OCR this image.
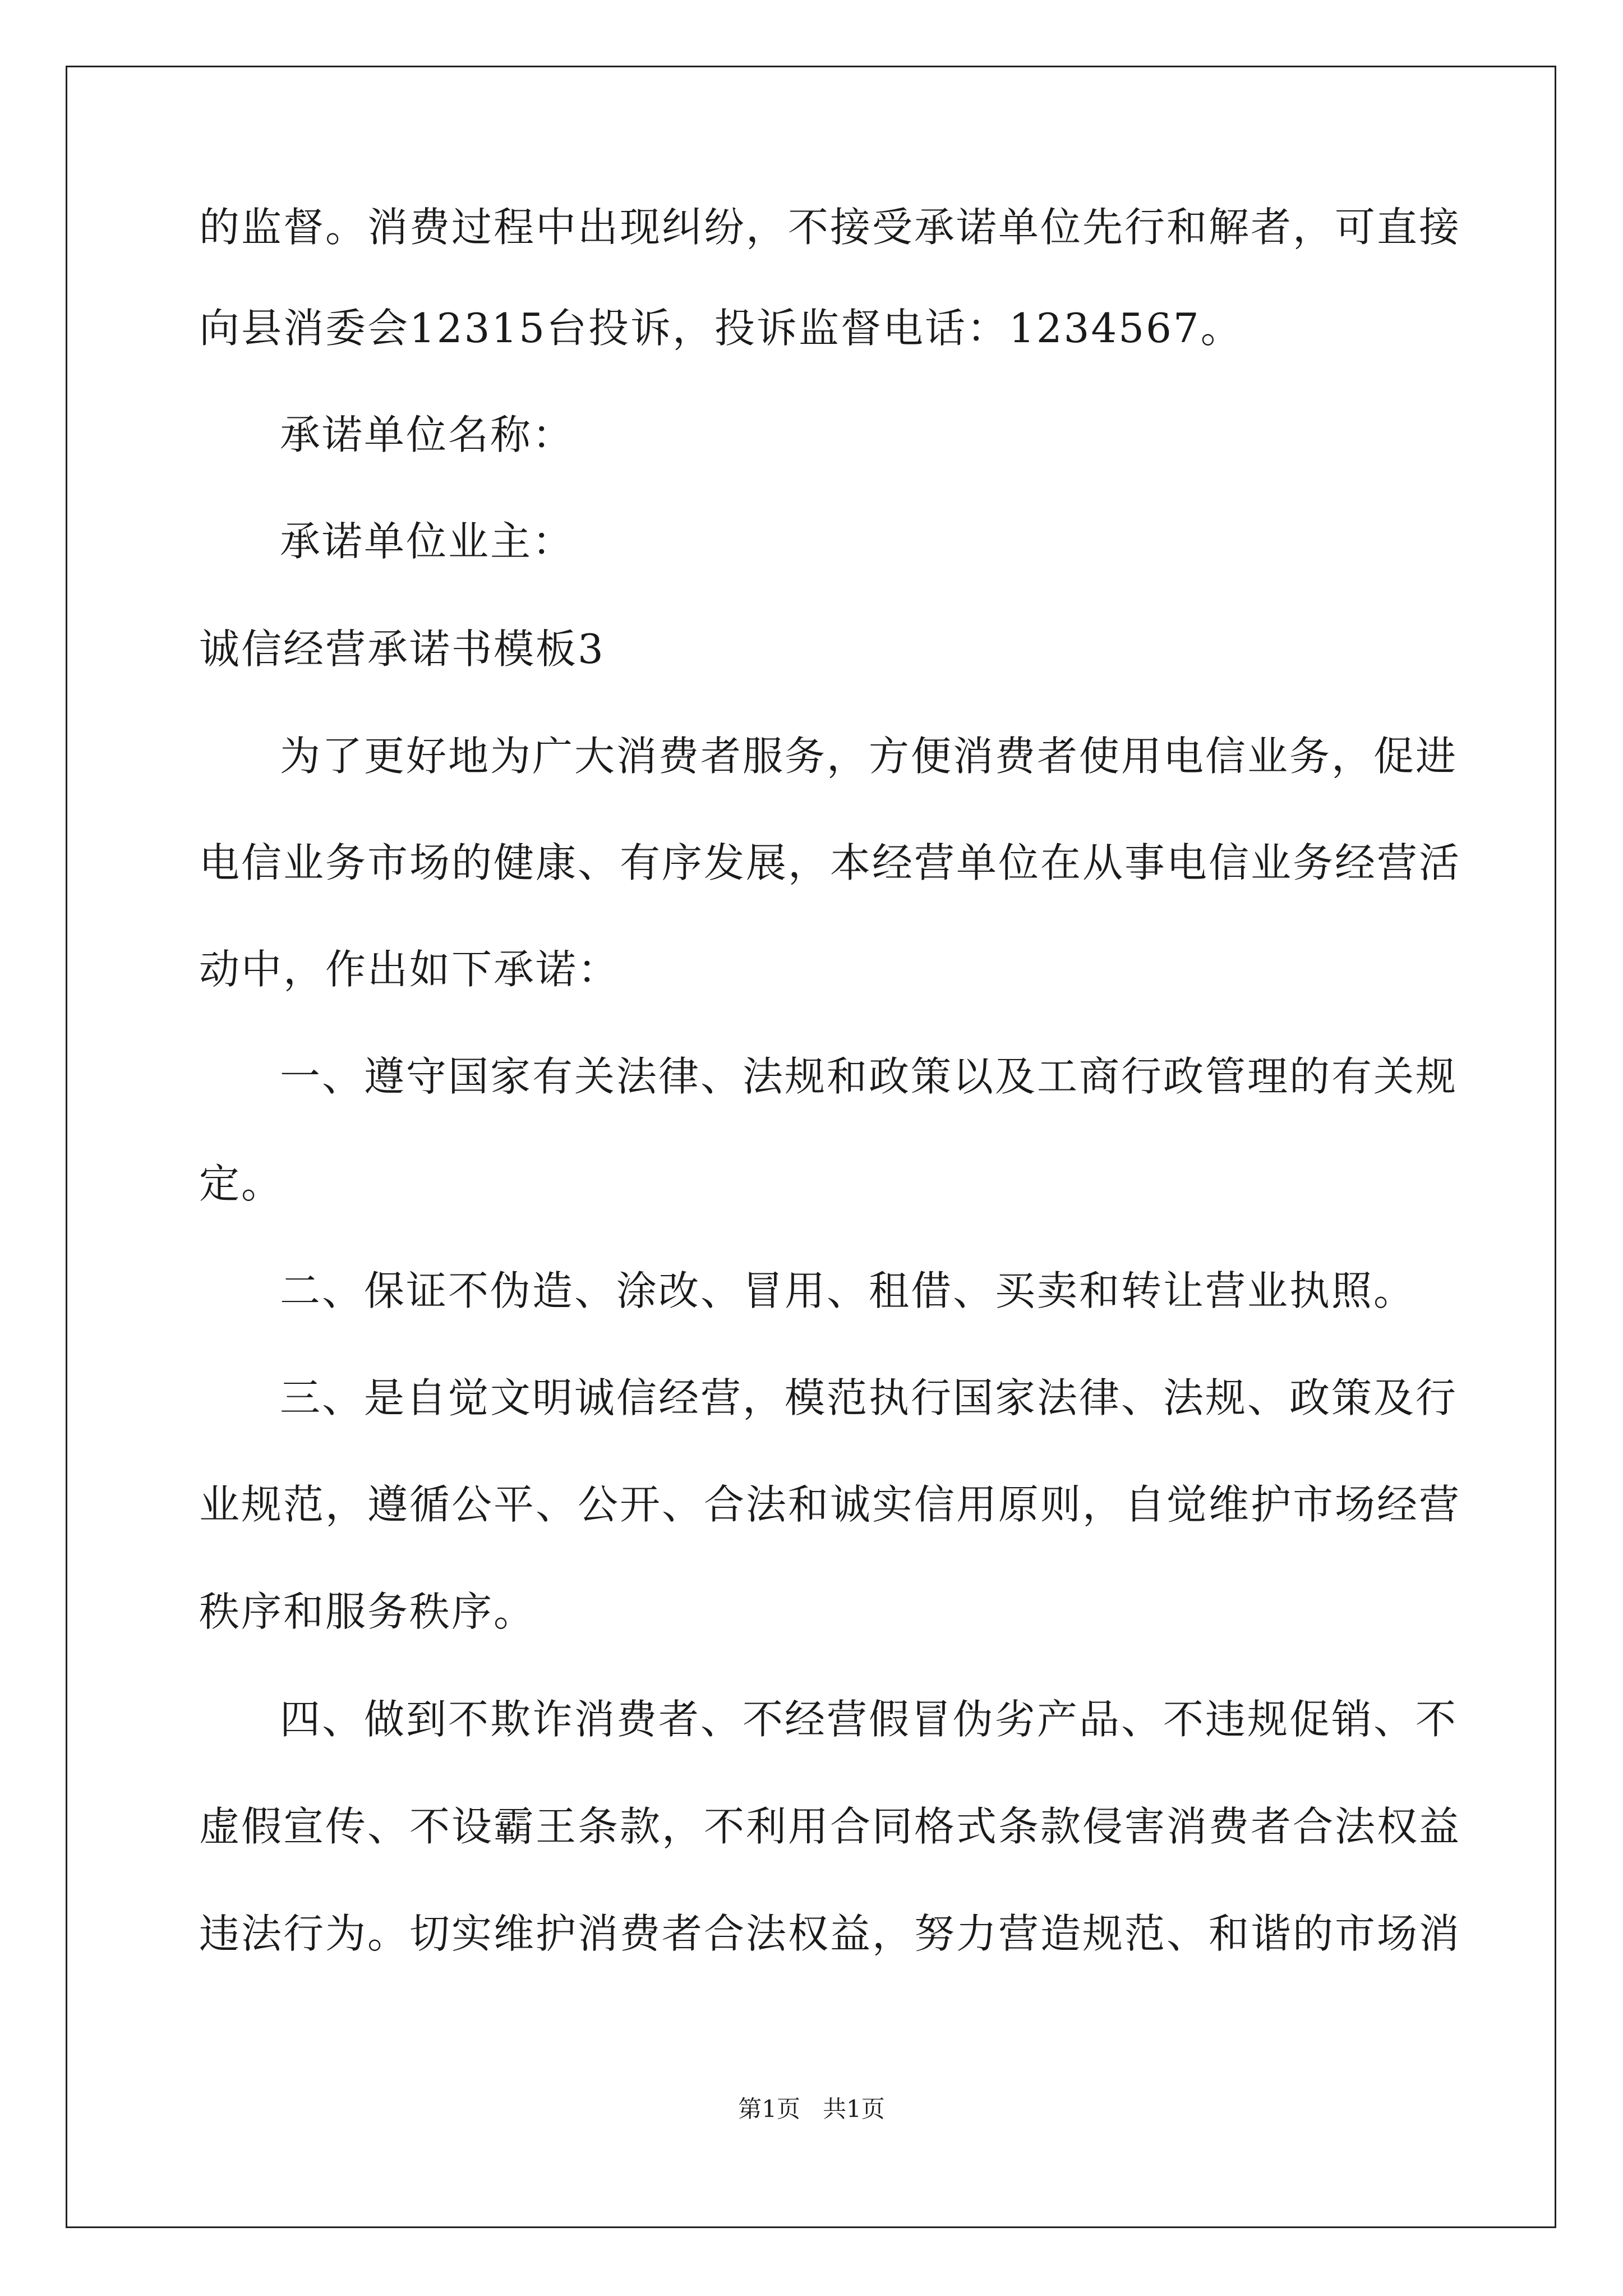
的监督。消费过程中出现纠纷，不接受承诺单位先行和解者，可直接
向县消委会12315台投诉，投诉监督电话：1234567。
承诺单位名称：
承诺单位业主：
诚信经营承诺书模板3
为了更好地为广大消费者服务，方便消费者使用电信业务，促进
电信业务市场的健康、有序发展，本经营单位在从事电信业务经营活
动中，作出如下承诺：
一、遵守国家有关法律、法规和政策以及工商行政管理的有关规
定。
二、保证不伪造、涂改、冒用、租借、买卖和转让营业执照。
三、是自觉文明诚信经营，模范执行国家法律、法规、政策及行
业规范，遵循公平、公开、合法和诚实信用原则，自觉维护市场经营
秩序和服务秩序。
四、做到不欺诈消费者、不经营假冒伪劣产品、不违规促销、不
虚假宣传、不设霸王条款，不利用合同格式条款侵害消费者合法权益
违法行为。切实维护消费者合法权益，努力营造规范、和谐的市场消
第1页   共1页
